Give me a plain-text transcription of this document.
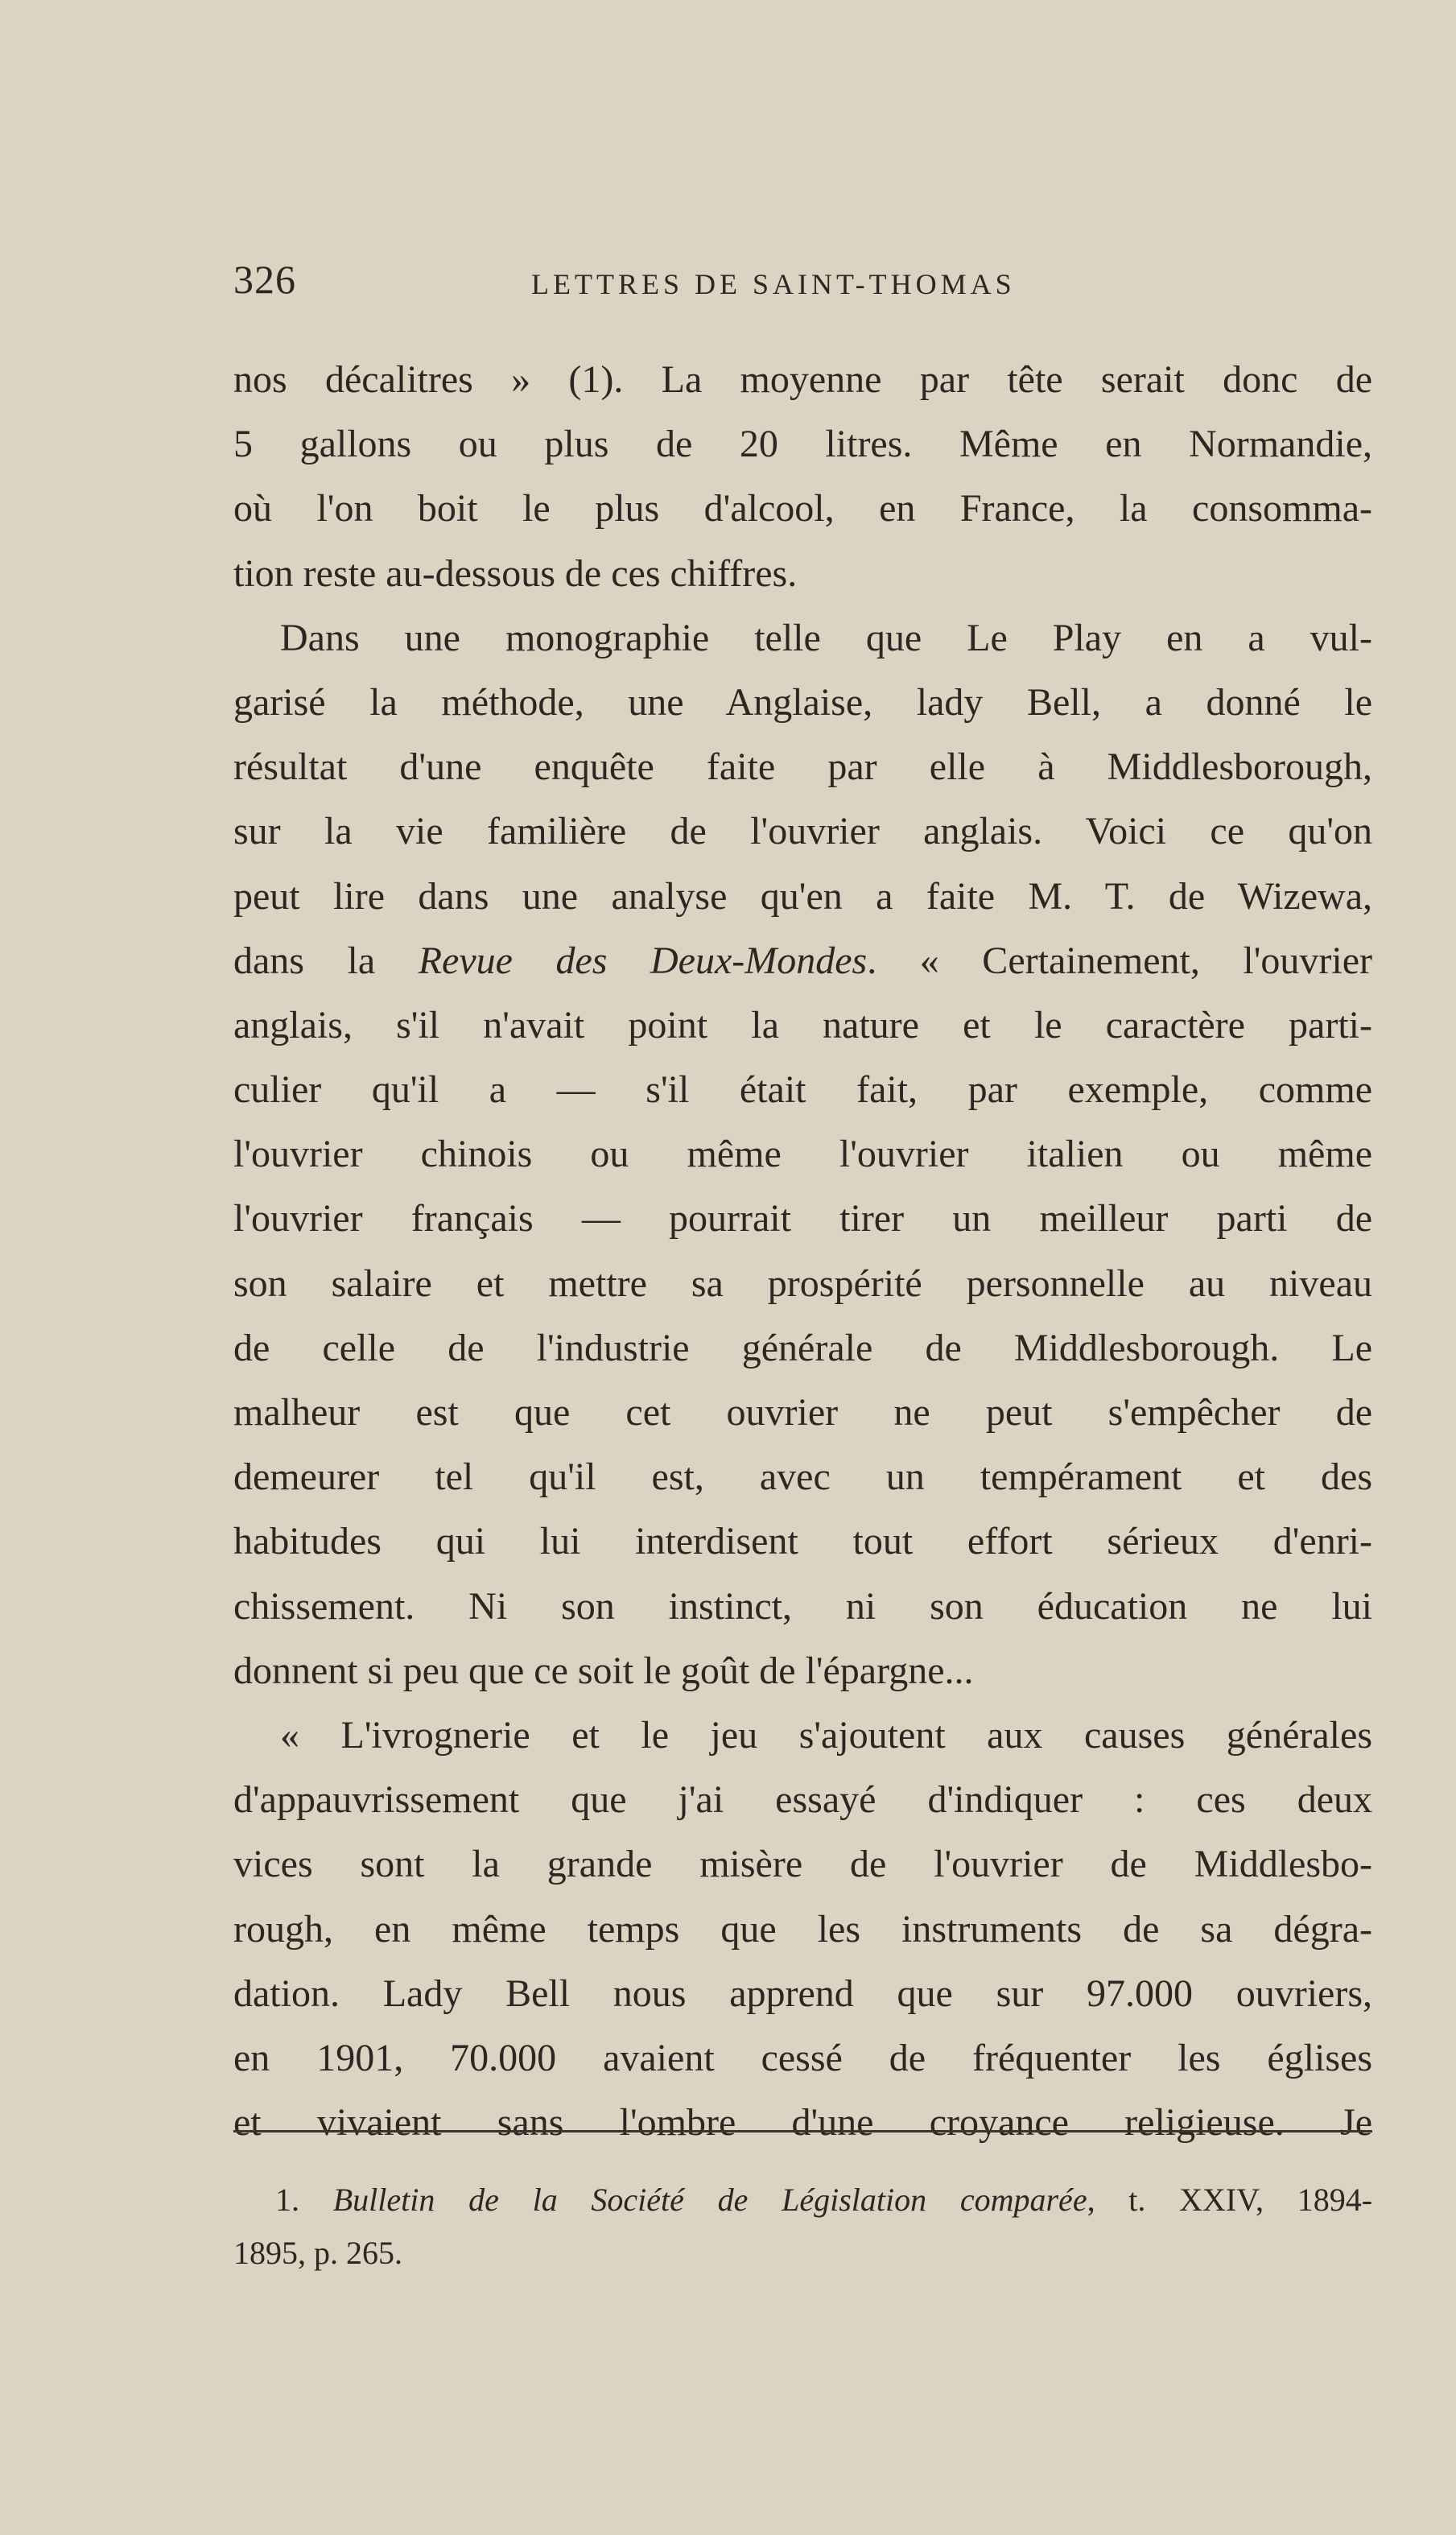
326	LETTRES DE SAINT-THOMAS
nos décalitres » (1). La moyenne par tête serait donc de
5 gallons ou plus de 20 litres. Même en Normandie,
où l'on boit le plus d'alcool, en France, la consomma-
tion reste au-dessous de ces chiffres.
Dans une monographie telle que Le Play en a vul-
garisé la méthode, une Anglaise, lady Bell, a donné le
résultat d'une enquête faite par elle à Middlesborough,
sur la vie familière de l'ouvrier anglais. Voici ce qu'on
peut lire dans une analyse qu'en a faite M. T. de Wizewa,
dans la Revue des Deux-Mondes. « Certainement, l'ouvrier
anglais, s'il n'avait point la nature et le caractère parti-
culier qu'il a — s'il était fait, par exemple, comme
l'ouvrier chinois ou même l'ouvrier italien ou même
l'ouvrier français — pourrait tirer un meilleur parti de
son salaire et mettre sa prospérité personnelle au niveau
de celle de l'industrie générale de Middlesborough. Le
malheur est que cet ouvrier ne peut s'empêcher de
demeurer tel qu'il est, avec un tempérament et des
habitudes qui lui interdisent tout effort sérieux d'enri-
chissement. Ni son instinct, ni son éducation ne lui
donnent si peu que ce soit le goût de l'épargne...
« L'ivrognerie et le jeu s'ajoutent aux causes générales
d'appauvrissement que j'ai essayé d'indiquer : ces deux
vices sont la grande misère de l'ouvrier de Middlesbo-
rough, en même temps que les instruments de sa dégra-
dation. Lady Bell nous apprend que sur 97.000 ouvriers,
en 1901, 70.000 avaient cessé de fréquenter les églises
et vivaient sans l'ombre d'une croyance religieuse. Je
1. Bulletin de la Société de Législation comparée, t. XXIV, 1894-
1895, p. 265.
